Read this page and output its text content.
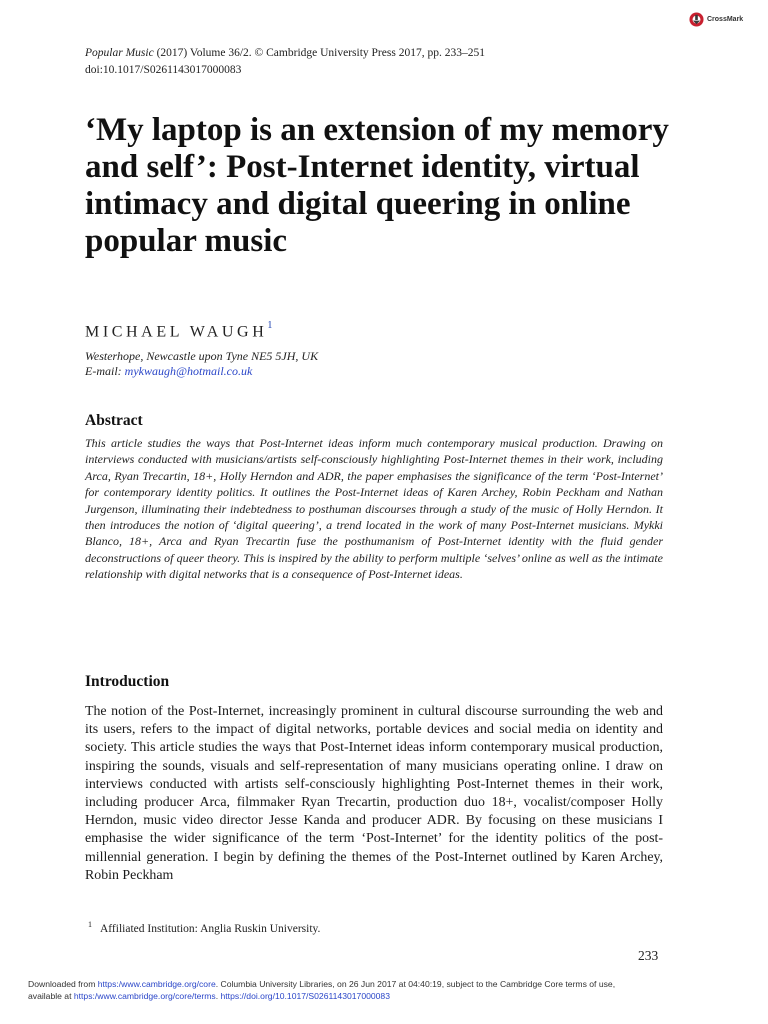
CrossMark
Popular Music (2017) Volume 36/2. © Cambridge University Press 2017, pp. 233–251
doi:10.1017/S0261143017000083
‘My laptop is an extension of my memory and self’: Post-Internet identity, virtual intimacy and digital queering in online popular music
MICHAEL WAUGH$^1$
Westerhope, Newcastle upon Tyne NE5 5JH, UK
E-mail: mykwaugh@hotmail.co.uk
Abstract

This article studies the ways that Post-Internet ideas inform much contemporary musical production. Drawing on interviews conducted with musicians/artists self-consciously highlighting Post-Internet themes in their work, including Arca, Ryan Trecartin, 18+, Holly Herndon and ADR, the paper emphasises the significance of the term ‘Post-Internet’ for contemporary identity politics. It outlines the Post-Internet ideas of Karen Archey, Robin Peckham and Nathan Jurgenson, illuminating their indebtedness to posthuman discourses through a study of the music of Holly Herndon. It then introduces the notion of ‘digital queering’, a trend located in the work of many Post-Internet musicians. Mykki Blanco, 18+, Arca and Ryan Trecartin fuse the posthumanism of Post-Internet identity with the fluid gender deconstructions of queer theory. This is inspired by the ability to perform multiple ‘selves’ online as well as the intimate relationship with digital networks that is a consequence of Post-Internet ideas.

Introduction

The notion of the Post-Internet, increasingly prominent in cultural discourse surrounding the web and its users, refers to the impact of digital networks, portable devices and social media on identity and society. This article studies the ways that Post-Internet ideas inform contemporary musical production, inspiring the sounds, visuals and self-representation of many musicians operating online. I draw on interviews conducted with artists self-consciously highlighting Post-Internet themes in their work, including producer Arca, filmmaker Ryan Trecartin, production duo 18+, vocalist/composer Holly Herndon, music video director Jesse Kanda and producer ADR. By focusing on these musicians I emphasise the wider significance of the term ‘Post-Internet’ for the identity politics of the post-millennial generation. I begin by defining the themes of the Post-Internet outlined by Karen Archey, Robin Peckham

$^1$ Affiliated Institution: Anglia Ruskin University.
233
Downloaded from https:/www.cambridge.org/core. Columbia University Libraries, on 26 Jun 2017 at 04:40:19, subject to the Cambridge Core terms of use,
available at https:/www.cambridge.org/core/terms. https://doi.org/10.1017/S0261143017000083
